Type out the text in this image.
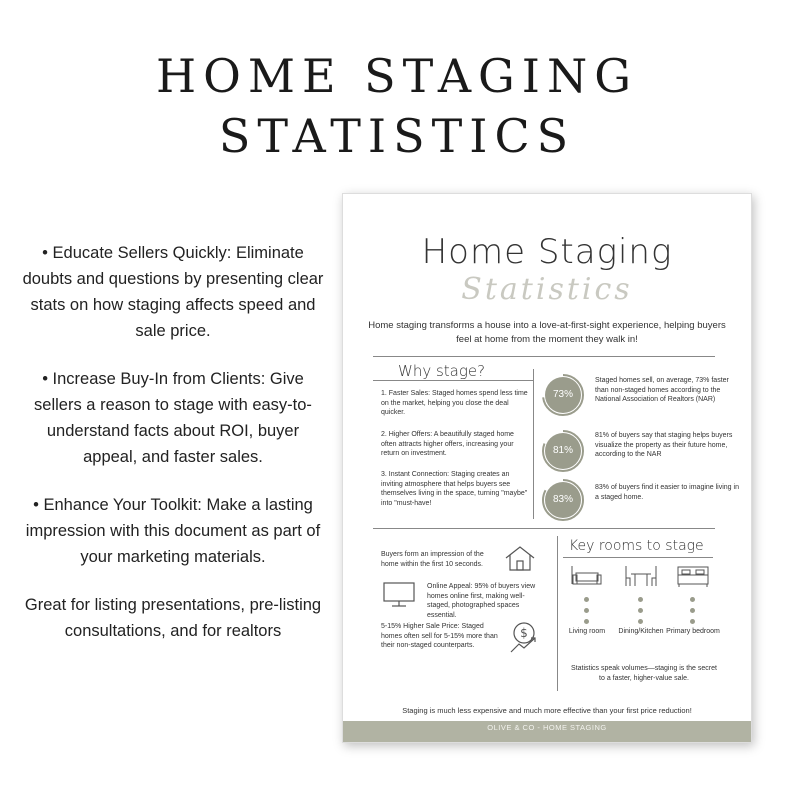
HOME STAGING
STATISTICS

• Educate Sellers Quickly: Eliminate doubts and questions by presenting clear stats on how staging affects speed and sale price.

• Increase Buy-In from Clients: Give sellers a reason to stage with easy-to-understand facts about ROI, buyer appeal, and faster sales.

• Enhance Your Toolkit: Make a lasting impression with this document as part of your marketing materials.

Great for listing presentations, pre-listing consultations, and for realtors

Home Staging
Statistics
Home staging transforms a house into a love-at-first-sight experience, helping buyers feel at home from the moment they walk in!
Why stage?
1. Faster Sales: Staged homes spend less time on the market, helping you close the deal quicker.
2. Higher Offers: A beautifully staged home often attracts higher offers, increasing your return on investment.
3. Instant Connection: Staging creates an inviting atmosphere that helps buyers see themselves living in the space, turning "maybe" into "must-have!
73%
Staged homes sell, on average, 73% faster than non-staged homes according to the National Association of Realtors (NAR)
81%
81% of buyers say that staging helps buyers visualize the property as their future home, according to the NAR
83%
83% of buyers find it easier to imagine living in a staged home.
Buyers form an impression of the home within the first 10 seconds.
Online Appeal: 95% of buyers view homes online first, making well-staged, photographed spaces essential.
5-15% Higher Sale Price: Staged homes often sell for 5-15% more than their non-staged counterparts.
$
Key rooms to stage
Living room	Dining/Kitchen Primary bedroom
Statistics speak volumes—staging is the secret to a faster, higher-value sale.
Staging is much less expensive and much more effective than your first price reduction!
OLIVE & CO - HOME STAGING
